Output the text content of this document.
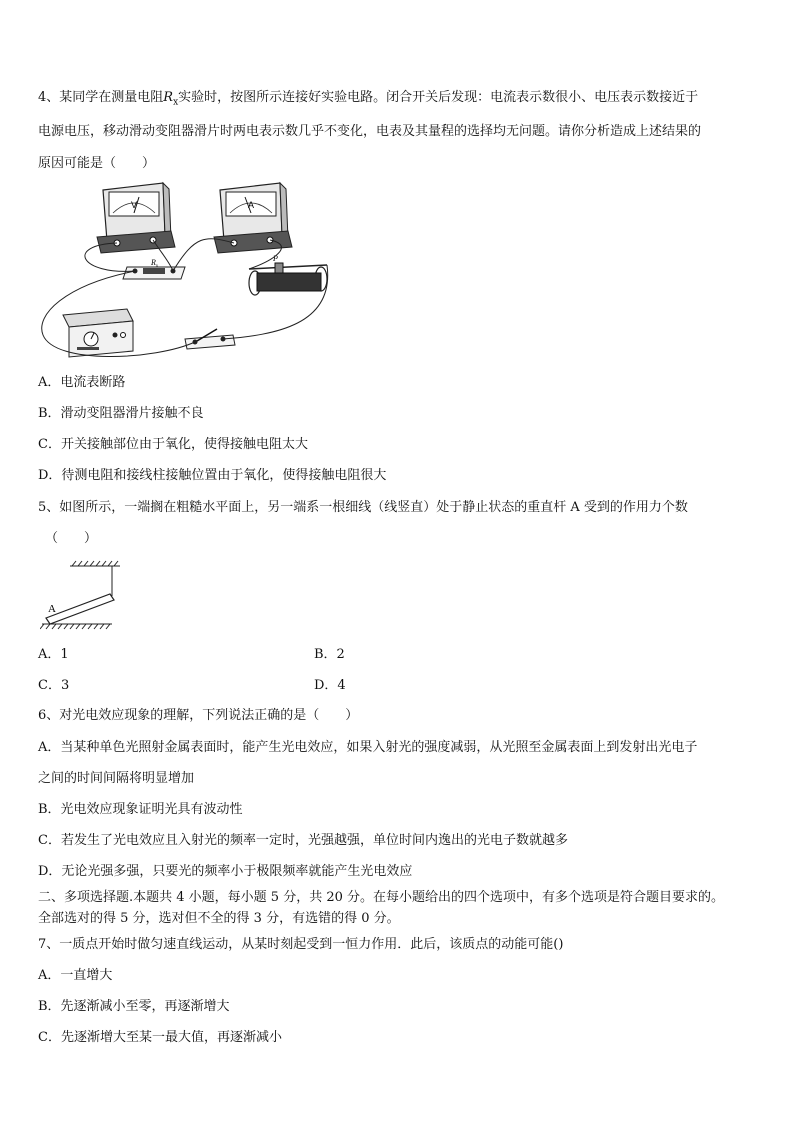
4、某同学在测量电阻$R_x$实验时，按图所示连接好实验电路。闭合开关后发现：电流表示数很小、电压表示数接近于
电源电压，移动滑动变阻器滑片时两电表示数几乎不变化，电表及其量程的选择均无问题。请你分析造成上述结果的
原因可能是（　　）
V	A
$R_x$
P
A．电流表断路
B．滑动变阻器滑片接触不良
C．开关接触部位由于氧化，使得接触电阻太大
D．待测电阻和接线柱接触位置由于氧化，使得接触电阻很大
5、如图所示，一端搁在粗糙水平面上，另一端系一根细线（线竖直）处于静止状态的重直杆 A 受到的作用力个数
（　　）
A
A．1	B．2
C．3	D．4
6、对光电效应现象的理解，下列说法正确的是（　　）
A．当某种单色光照射金属表面时，能产生光电效应，如果入射光的强度减弱，从光照至金属表面上到发射出光电子
之间的时间间隔将明显增加
B．光电效应现象证明光具有波动性
C．若发生了光电效应且入射光的频率一定时，光强越强，单位时间内逸出的光电子数就越多
D．无论光强多强，只要光的频率小于极限频率就能产生光电效应
二、多项选择题.本题共 4 小题，每小题 5 分，共 20 分。在每小题给出的四个选项中，有多个选项是符合题目要求的。
全部选对的得 5 分，选对但不全的得 3 分，有选错的得 0 分。
7、一质点开始时做匀速直线运动，从某时刻起受到一恒力作用．此后，该质点的动能可能()
A．一直增大
B．先逐渐减小至零，再逐渐增大
C．先逐渐增大至某一最大值，再逐渐减小
